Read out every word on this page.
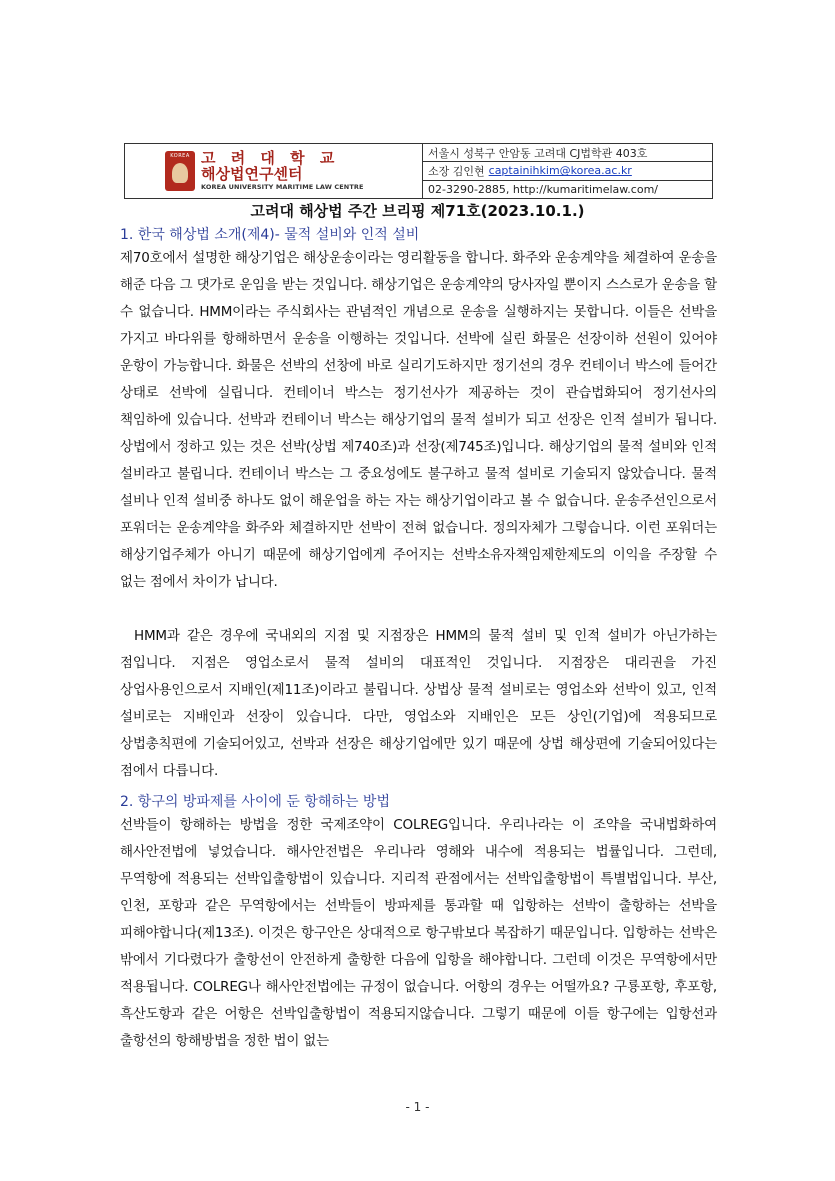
KOREA 고 려 대 학 교
해상법연구센터
KOREA UNIVERSITY MARITIME LAW CENTRE
서울시 성북구 안암동 고려대 CJ법학관 403호
소장 김인현 captainihkim@korea.ac.kr
02-3290-2885, http://kumaritimelaw.com/
고려대 해상법 주간 브리핑 제71호(2023.10.1.)
1. 한국 해상법 소개(제4)- 물적 설비와 인적 설비

제70호에서 설명한 해상기업은 해상운송이라는 영리활동을 합니다. 화주와 운송계약을 체결하여 운송을 해준 다음 그 댓가로 운임을 받는 것입니다. 해상기업은 운송계약의 당사자일 뿐이지 스스로가 운송을 할 수 없습니다. HMM이라는 주식회사는 관념적인 개념으로 운송을 실행하지는 못합니다. 이들은 선박을 가지고 바다위를 항해하면서 운송을 이행하는 것입니다. 선박에 실린 화물은 선장이하 선원이 있어야 운항이 가능합니다. 화물은 선박의 선창에 바로 실리기도하지만 정기선의 경우 컨테이너 박스에 들어간 상태로 선박에 실립니다. 컨테이너 박스는 정기선사가 제공하는 것이 관습법화되어 정기선사의 책임하에 있습니다. 선박과 컨테이너 박스는 해상기업의 물적 설비가 되고 선장은 인적 설비가 됩니다. 상법에서 정하고 있는 것은 선박(상법 제740조)과 선장(제745조)입니다. 해상기업의 물적 설비와 인적 설비라고 불립니다. 컨테이너 박스는 그 중요성에도 불구하고 물적 설비로 기술되지 않았습니다. 물적 설비나 인적 설비중 하나도 없이 해운업을 하는 자는 해상기업이라고 볼 수 없습니다. 운송주선인으로서 포워더는 운송계약을 화주와 체결하지만 선박이 전혀 없습니다. 정의자체가 그렇습니다. 이런 포워더는 해상기업주체가 아니기 때문에 해상기업에게 주어지는 선박소유자책임제한제도의 이익을 주장할 수 없는 점에서 차이가 납니다.

HMM과 같은 경우에 국내외의 지점 및 지점장은 HMM의 물적 설비 및 인적 설비가 아닌가하는 점입니다. 지점은 영업소로서 물적 설비의 대표적인 것입니다. 지점장은 대리권을 가진 상업사용인으로서 지배인(제11조)이라고 불립니다. 상법상 물적 설비로는 영업소와 선박이 있고, 인적 설비로는 지배인과 선장이 있습니다. 다만, 영업소와 지배인은 모든 상인(기업)에 적용되므로 상법총칙편에 기술되어있고, 선박과 선장은 해상기업에만 있기 때문에 상법 해상편에 기술되어있다는 점에서 다릅니다.

2. 항구의 방파제를 사이에 둔 항해하는 방법

선박들이 항해하는 방법을 정한 국제조약이 COLREG입니다. 우리나라는 이 조약을 국내법화하여 해사안전법에 넣었습니다. 해사안전법은 우리나라 영해와 내수에 적용되는 법률입니다. 그런데, 무역항에 적용되는 선박입출항법이 있습니다. 지리적 관점에서는 선박입출항법이 특별법입니다. 부산, 인천, 포항과 같은 무역항에서는 선박들이 방파제를 통과할 때 입항하는 선박이 출항하는 선박을 피해야합니다(제13조). 이것은 항구안은 상대적으로 항구밖보다 복잡하기 때문입니다. 입항하는 선박은 밖에서 기다렸다가 출항선이 안전하게 출항한 다음에 입항을 해야합니다. 그런데 이것은 무역항에서만 적용됩니다. COLREG나 해사안전법에는 규정이 없습니다. 어항의 경우는 어떨까요? 구룡포항, 후포항, 흑산도항과 같은 어항은 선박입출항법이 적용되지않습니다. 그렇기 때문에 이들 항구에는 입항선과 출항선의 항해방법을 정한 법이 없는

- 1 -
